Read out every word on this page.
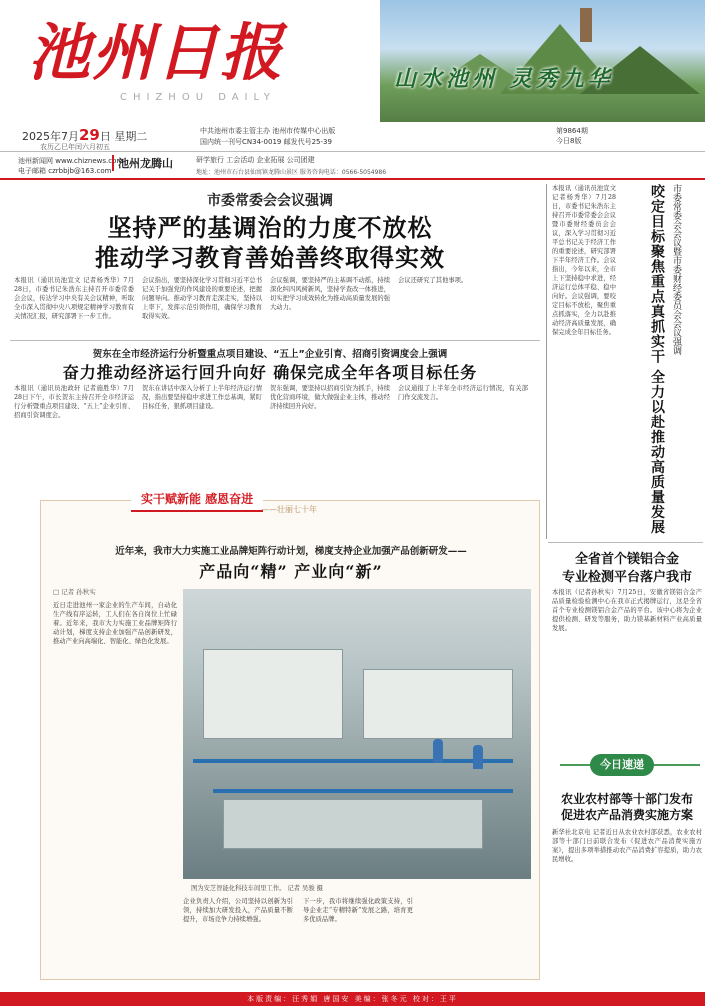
池州日报
CHIZHOU DAILY
山水池州 灵秀九华
2025年7月29日 星期二
农历乙巳年闰六月初五
中共池州市委主管主办 池州市传媒中心出版
国内统一刊号CN34-0019 邮发代号25-39
第9864期
今日8版
池州新闻网 www.chiznews.com
电子邮箱 czrbbjb@163.com
池州龙腾山	研学旅行 工会活动 企业拓展 公司团建
地址：池州市石台县仙寓镇龙腾山景区 服务咨询电话：0566-5054986
市委常委会会议强调
坚持严的基调治的力度不放松
推动学习教育善始善终取得实效
本报讯（通讯员池宣文 记者杨秀华）7月28日，市委书记朱浩东主持召开市委常委会会议，传达学习中央有关会议精神，听取全市深入贯彻中央八项规定精神学习教育有关情况汇报，研究部署下一步工作。
会议指出，要坚持深化学习贯彻习近平总书记关于加强党的作风建设的重要论述，把握问题导向。推动学习教育走深走实，坚持以上率下，发挥示范引领作用，确保学习教育取得实效。
会议强调，要坚持严的主基调不动摇，持续深化纠四风树新风，坚持学查改一体推进，切实把学习成效转化为推动高质量发展的强大动力。
会议还研究了其他事项。
贺东在全市经济运行分析暨重点项目建设、“五上”企业引育、招商引资调度会上强调
奋力推动经济运行回升向好 确保完成全年各项目标任务
本报讯（通讯员池政轩 记者施胜华）7月28日下午，市长贺东主持召开全市经济运行分析暨重点项目建设、“五上”企业引育、招商引资调度会。
贺东在讲话中深入分析了上半年经济运行情况，指出要坚持稳中求进工作总基调，紧盯目标任务，狠抓项目建设。
贺东强调，要坚持以招商引资为抓手，持续优化营商环境，做大做强企业主体，推动经济持续回升向好。
会议通报了上半年全市经济运行情况，有关部门作交流发言。
市委常委会会议暨市委财经委员会会议强调
咬定目标聚焦重点真抓实干 全力以赴推动高质量发展
本报讯（通讯员池宣文 记者杨秀华）7月28日，市委书记朱浩东主持召开市委常委会会议暨市委财经委员会会议，深入学习贯彻习近平总书记关于经济工作的重要论述，研究部署下半年经济工作。会议指出，今年以来，全市上下坚持稳中求进，经济运行总体平稳、稳中向好。会议强调，要咬定目标不放松，聚焦重点抓落实，全力以赴推动经济高质量发展，确保完成全年目标任务。
实干赋新能 感恩奋进
——壮丽七十年
近年来，我市大力实施工业品牌矩阵行动计划，梯度支持企业加强产品创新研发——
产品向“精” 产业向“新”
□ 记者 孙秋实
近日走进池州一家企业的生产车间，自动化生产线有序运转，工人们在各自岗位上忙碌着。近年来，我市大力实施工业品牌矩阵行动计划，梯度支持企业加强产品创新研发，推动产业向高端化、智能化、绿色化发展。
图为安芝智能化科技车间里工作。 记者 吴骏 摄
企业负责人介绍，公司坚持以创新为引领，持续加大研发投入，产品质量不断提升，市场竞争力持续增强。
下一步，我市将继续强化政策支持，引导企业走“专精特新”发展之路，培育更多优质品牌。
全省首个镁铝合金
专业检测平台落户我市
本报讯（记者孙秋实）7月25日，安徽省镁铝合金产品质量检验检测中心在我市正式揭牌运行，这是全省首个专业检测镁铝合金产品的平台。该中心将为企业提供检测、研发等服务，助力镁基新材料产业高质量发展。
今日速递
农业农村部等十部门发布
促进农产品消费实施方案
新华社北京电 记者近日从农业农村部获悉，农业农村部等十部门日前联合发布《促进农产品消费实施方案》，提出多项举措推动农产品消费扩容提质，助力农民增收。
本版责编：汪秀娟 唐国安 美编：张冬元 校对：王平
